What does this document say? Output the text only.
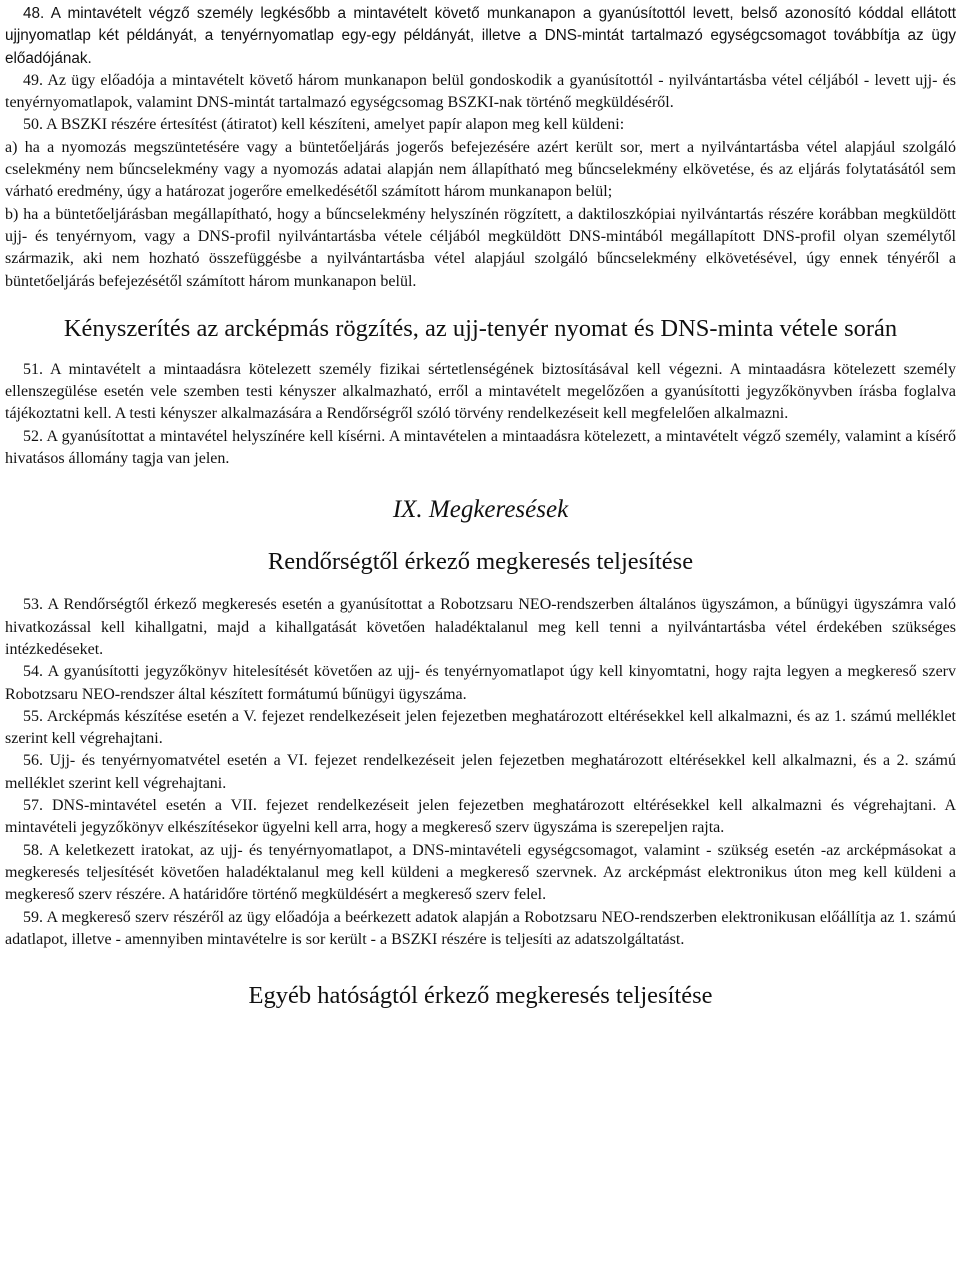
48. A mintavételt végző személy legkésőbb a mintavételt követő munkanapon a gyanúsítottól levett, belső azonosító kóddal ellátott ujjnyomatlap két példányát, a tenyérnyomatlap egy-egy példányát, illetve a DNS-mintát tartalmazó egységcsomagot továbbítja az ügy előadójának.

49. Az ügy előadója a mintavételt követő három munkanapon belül gondoskodik a gyanúsítottól - nyilvántartásba vétel céljából - levett ujj- és tenyérnyomatlapok, valamint DNS-mintát tartalmazó egységcsomag BSZKI-nak történő megküldéséről.

50. A BSZKI részére értesítést (átiratot) kell készíteni, amelyet papír alapon meg kell küldeni:

a) ha a nyomozás megszüntetésére vagy a büntetőeljárás jogerős befejezésére azért került sor, mert a nyilvántartásba vétel alapjául szolgáló cselekmény nem bűncselekmény vagy a nyomozás adatai alapján nem állapítható meg bűncselekmény elkövetése, és az eljárás folytatásától sem várható eredmény, úgy a határozat jogerőre emelkedésétől számított három munkanapon belül;

b) ha a büntetőeljárásban megállapítható, hogy a bűncselekmény helyszínén rögzített, a daktiloszkópiai nyilvántartás részére korábban megküldött ujj- és tenyérnyom, vagy a DNS-profil nyilvántartásba vétele céljából megküldött DNS-mintából megállapított DNS-profil olyan személytől származik, aki nem hozható összefüggésbe a nyilvántartásba vétel alapjául szolgáló bűncselekmény elkövetésével, úgy ennek tényéről a büntetőeljárás befejezésétől számított három munkanapon belül.

Kényszerítés az arcképmás rögzítés, az ujj-tenyér nyomat és DNS-minta vétele során

51. A mintavételt a mintaadásra kötelezett személy fizikai sértetlenségének biztosításával kell végezni. A mintaadásra kötelezett személy ellenszegülése esetén vele szemben testi kényszer alkalmazható, erről a mintavételt megelőzően a gyanúsítotti jegyzőkönyvben írásba foglalva tájékoztatni kell. A testi kényszer alkalmazására a Rendőrségről szóló törvény rendelkezéseit kell megfelelően alkalmazni.

52. A gyanúsítottat a mintavétel helyszínére kell kísérni. A mintavételen a mintaadásra kötelezett, a mintavételt végző személy, valamint a kísérő hivatásos állomány tagja van jelen.

IX. Megkeresések
Rendőrségtől érkező megkeresés teljesítése

53. A Rendőrségtől érkező megkeresés esetén a gyanúsítottat a Robotzsaru NEO-rendszerben általános ügyszámon, a bűnügyi ügyszámra való hivatkozással kell kihallgatni, majd a kihallgatását követően haladéktalanul meg kell tenni a nyilvántartásba vétel érdekében szükséges intézkedéseket.

54. A gyanúsítotti jegyzőkönyv hitelesítését követően az ujj- és tenyérnyomatlapot úgy kell kinyomtatni, hogy rajta legyen a megkereső szerv Robotzsaru NEO-rendszer által készített formátumú bűnügyi ügyszáma.

55. Arcképmás készítése esetén a V. fejezet rendelkezéseit jelen fejezetben meghatározott eltérésekkel kell alkalmazni, és az 1. számú melléklet szerint kell végrehajtani.

56. Ujj- és tenyérnyomatvétel esetén a VI. fejezet rendelkezéseit jelen fejezetben meghatározott eltérésekkel kell alkalmazni, és a 2. számú melléklet szerint kell végrehajtani.

57. DNS-mintavétel esetén a VII. fejezet rendelkezéseit jelen fejezetben meghatározott eltérésekkel kell alkalmazni és végrehajtani. A mintavételi jegyzőkönyv elkészítésekor ügyelni kell arra, hogy a megkereső szerv ügyszáma is szerepeljen rajta.

58. A keletkezett iratokat, az ujj- és tenyérnyomatlapot, a DNS-mintavételi egységcsomagot, valamint - szükség esetén -az arcképmásokat a megkeresés teljesítését követően haladéktalanul meg kell küldeni a megkereső szervnek. Az arcképmást elektronikus úton meg kell küldeni a megkereső szerv részére. A határidőre történő megküldésért a megkereső szerv felel.

59. A megkereső szerv részéről az ügy előadója a beérkezett adatok alapján a Robotzsaru NEO-rendszerben elektronikusan előállítja az 1. számú adatlapot, illetve - amennyiben mintavételre is sor került - a BSZKI részére is teljesíti az adatszolgáltatást.

Egyéb hatóságtól érkező megkeresés teljesítése
